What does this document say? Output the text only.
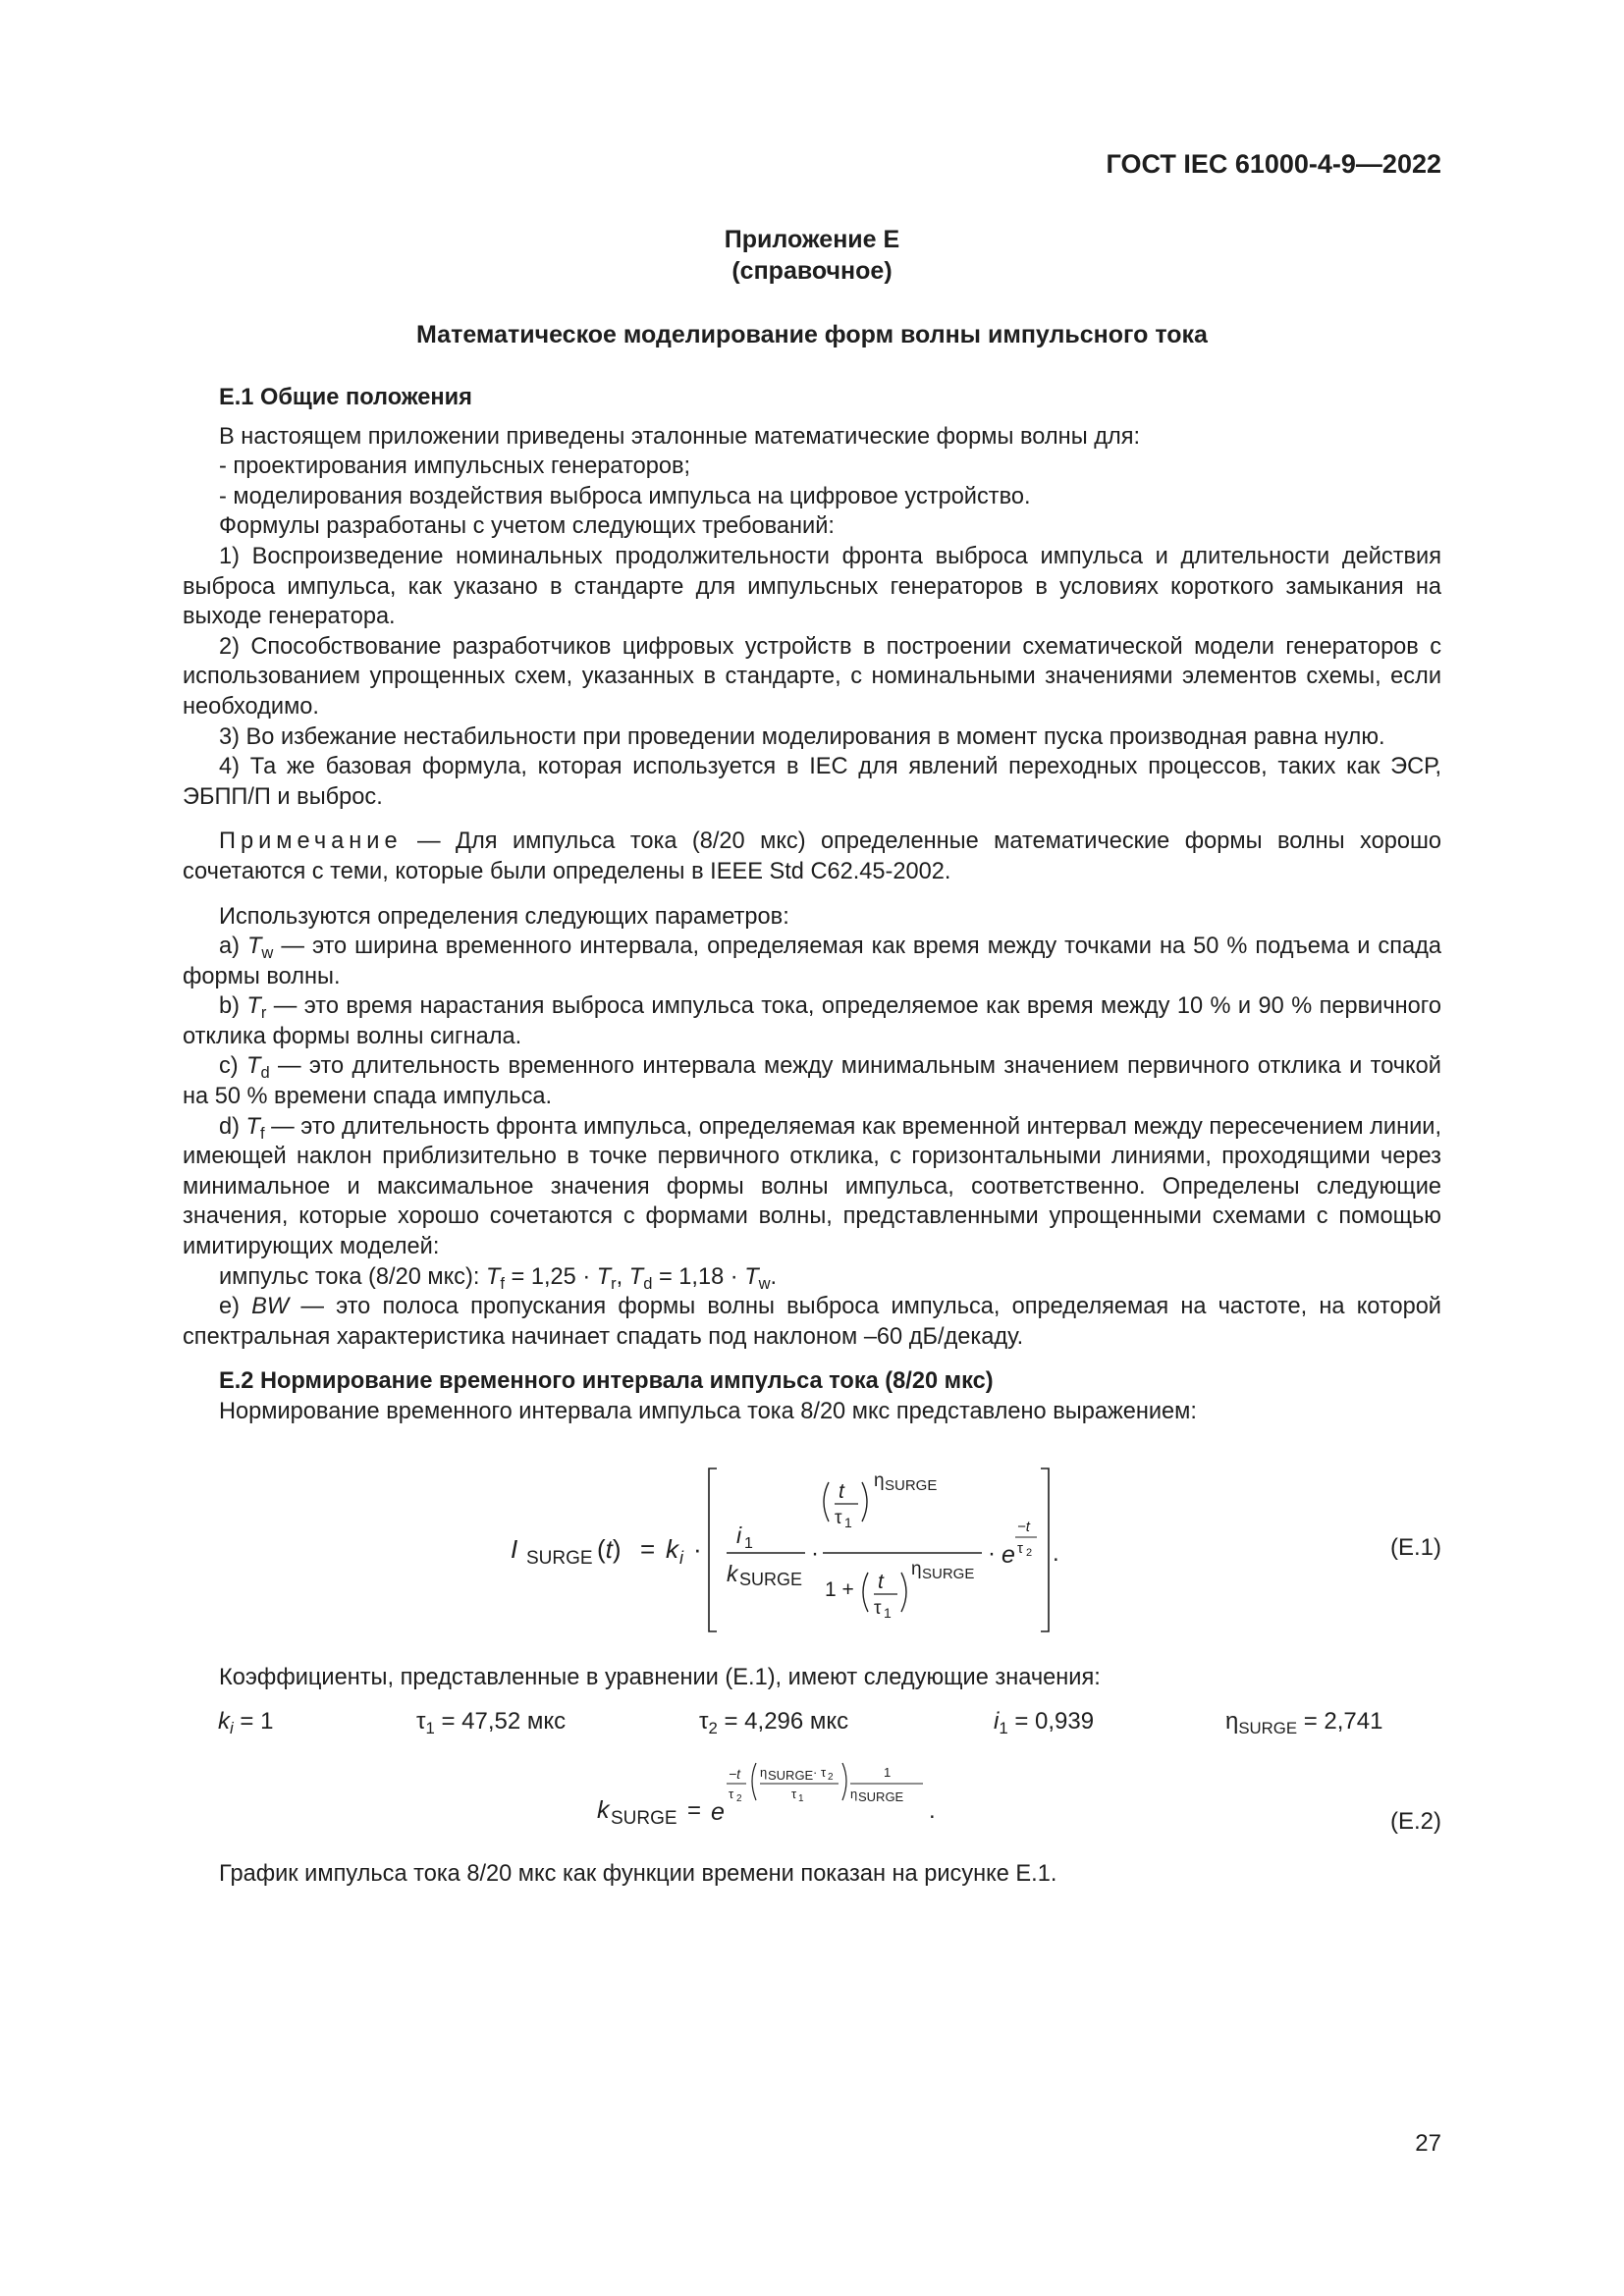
ГОСТ IEC 61000-4-9—2022
Приложение Е
(справочное)
Математическое моделирование форм волны импульсного тока

Е.1 Общие положения

В настоящем приложении приведены эталонные математические формы волны для:

- проектирования импульсных генераторов;

- моделирования воздействия выброса импульса на цифровое устройство.

Формулы разработаны с учетом следующих требований:

1) Воспроизведение номинальных продолжительности фронта выброса импульса и длительности действия выброса импульса, как указано в стандарте для импульсных генераторов в условиях короткого замыкания на выходе генератора.

2) Способствование разработчиков цифровых устройств в построении схематической модели генераторов с использованием упрощенных схем, указанных в стандарте, с номинальными значениями элементов схемы, если необходимо.

3) Во избежание нестабильности при проведении моделирования в момент пуска производная равна нулю.

4) Та же базовая формула, которая используется в IEC для явлений переходных процессов, таких как ЭСР, ЭБПП/П и выброс.

Примечание — Для импульса тока (8/20 мкс) определенные математические формы волны хорошо сочетаются с теми, которые были определены в IEEE Std C62.45-2002.

Используются определения следующих параметров:

a) $T_w$ — это ширина временного интервала, определяемая как время между точками на 50 % подъема и спада формы волны.

b) $T_r$ — это время нарастания выброса импульса тока, определяемое как время между 10 % и 90 % первичного отклика формы волны сигнала.

c) $T_d$ — это длительность временного интервала между минимальным значением первичного отклика и точкой на 50 % времени спада импульса.

d) $T_f$ — это длительность фронта импульса, определяемая как временной интервал между пересечением линии, имеющей наклон приблизительно в точке первичного отклика, с горизонтальными линиями, проходящими через минимальное и максимальное значения формы волны импульса, соответственно. Определены следующие значения, которые хорошо сочетаются с формами волны, представленными упрощенными схемами с помощью имитирующих моделей:

импульс тока (8/20 мкс): $T_f = 1,25 \cdot T_r$, $T_d = 1,18 \cdot T_w$.

e) BW — это полоса пропускания формы волны выброса импульса, определяемая на частоте, на которой спектральная характеристика начинает спадать под наклоном –60 дБ/декаду.

Е.2 Нормирование временного интервала импульса тока (8/20 мкс)

Нормирование временного интервала импульса тока 8/20 мкс представлено выражением:

I SURGE (t) = k i · i 1
k SURGE
·
t
τ 1
η SURGE
1 + t
τ 1
η SURGE
· e
−t
τ 2 .	(Е.1)

Коэффициенты, представленные в уравнении (Е.1), имеют следующие значения:

$k_i = 1$	$\tau_1 = 47,52$ мкс	$\tau_2 = 4,296$ мкс	$i_1 = 0,939$	$\eta_{SURGE} = 2,741$
k SURGE = e
−t
τ 2
η SURGE · τ 2
τ 1
1
η SURGE
.	(Е.2)

График импульса тока 8/20 мкс как функции времени показан на рисунке Е.1.

27
